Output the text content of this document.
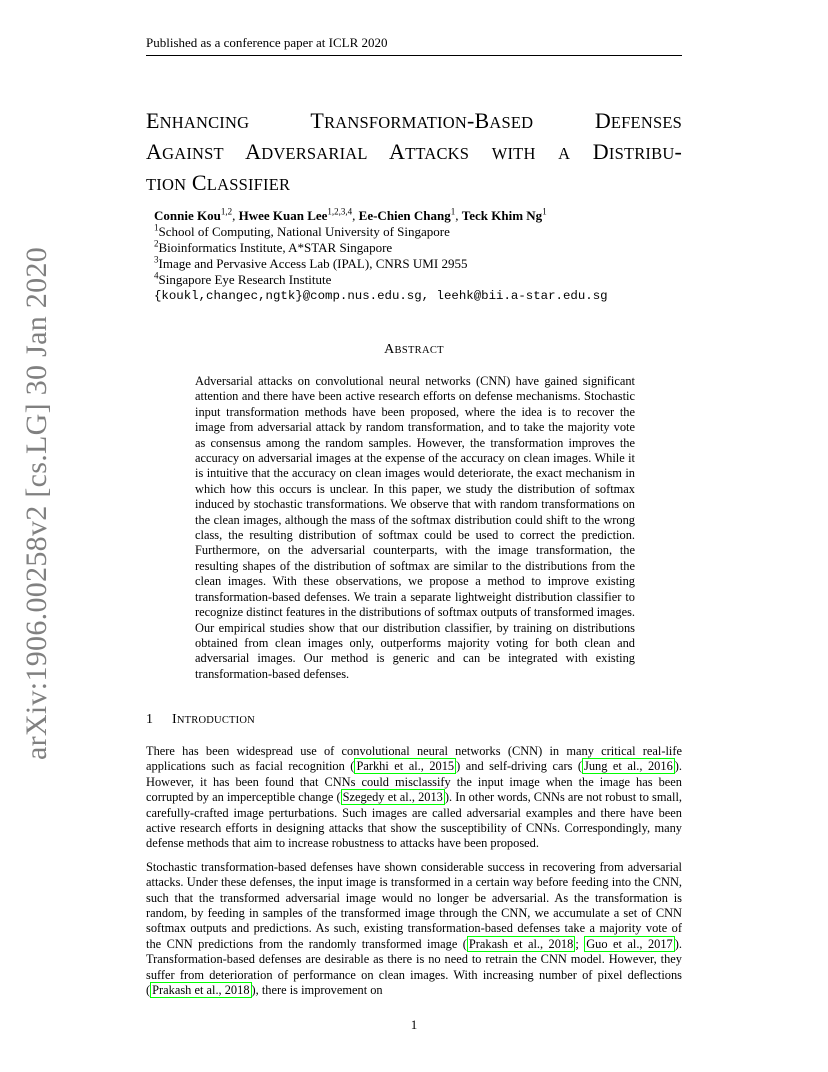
Published as a conference paper at ICLR 2020
arXiv:1906.00258v2 [cs.LG] 30 Jan 2020
ENHANCING	TRANSFORMATION-BASED	DEFENSES
AGAINST ADVERSARIAL ATTACKS WITH A DISTRIBU-
TION CLASSIFIER
Connie Kou$^{1,2}$, Hwee Kuan Lee$^{1,2,3,4}$, Ee-Chien Chang$^1$, Teck Khim Ng$^1$
$^1$School of Computing, National University of Singapore
$^2$Bioinformatics Institute, A*STAR Singapore
$^3$Image and Pervasive Access Lab (IPAL), CNRS UMI 2955
$^4$Singapore Eye Research Institute
{koukl,changec,ngtk}@comp.nus.edu.sg, leehk@bii.a-star.edu.sg
ABSTRACT
Adversarial attacks on convolutional neural networks (CNN) have gained significant attention and there have been active research efforts on defense mechanisms. Stochastic input transformation methods have been proposed, where the idea is to recover the image from adversarial attack by random transformation, and to take the majority vote as consensus among the random samples. However, the transformation improves the accuracy on adversarial images at the expense of the accuracy on clean images. While it is intuitive that the accuracy on clean images would deteriorate, the exact mechanism in which how this occurs is unclear. In this paper, we study the distribution of softmax induced by stochastic transformations. We observe that with random transformations on the clean images, although the mass of the softmax distribution could shift to the wrong class, the resulting distribution of softmax could be used to correct the prediction. Furthermore, on the adversarial counterparts, with the image transformation, the resulting shapes of the distribution of softmax are similar to the distributions from the clean images. With these observations, we propose a method to improve existing transformation-based defenses. We train a separate lightweight distribution classifier to recognize distinct features in the distributions of softmax outputs of transformed images. Our empirical studies show that our distribution classifier, by training on distributions obtained from clean images only, outperforms majority voting for both clean and adversarial images. Our method is generic and can be integrated with existing transformation-based defenses.
1 INTRODUCTION

There has been widespread use of convolutional neural networks (CNN) in many critical real-life applications such as facial recognition ( Parkhi et al., 2015 ) and self-driving cars ( Jung et al., 2016 ). However, it has been found that CNNs could misclassify the input image when the image has been corrupted by an imperceptible change ( Szegedy et al., 2013 ). In other words, CNNs are not robust to small, carefully-crafted image perturbations. Such images are called adversarial examples and there have been active research efforts in designing attacks that show the susceptibility of CNNs. Correspondingly, many defense methods that aim to increase robustness to attacks have been proposed.

Stochastic transformation-based defenses have shown considerable success in recovering from adversarial attacks. Under these defenses, the input image is transformed in a certain way before feeding into the CNN, such that the transformed adversarial image would no longer be adversarial. As the transformation is random, by feeding in samples of the transformed image through the CNN, we accumulate a set of CNN softmax outputs and predictions. As such, existing transformation-based defenses take a majority vote of the CNN predictions from the randomly transformed image ( Prakash et al., 2018 ; Guo et al., 2017 ). Transformation-based defenses are desirable as there is no need to retrain the CNN model. However, they suffer from deterioration of performance on clean images. With increasing number of pixel deflections ( Prakash et al., 2018 ), there is improvement on

1
